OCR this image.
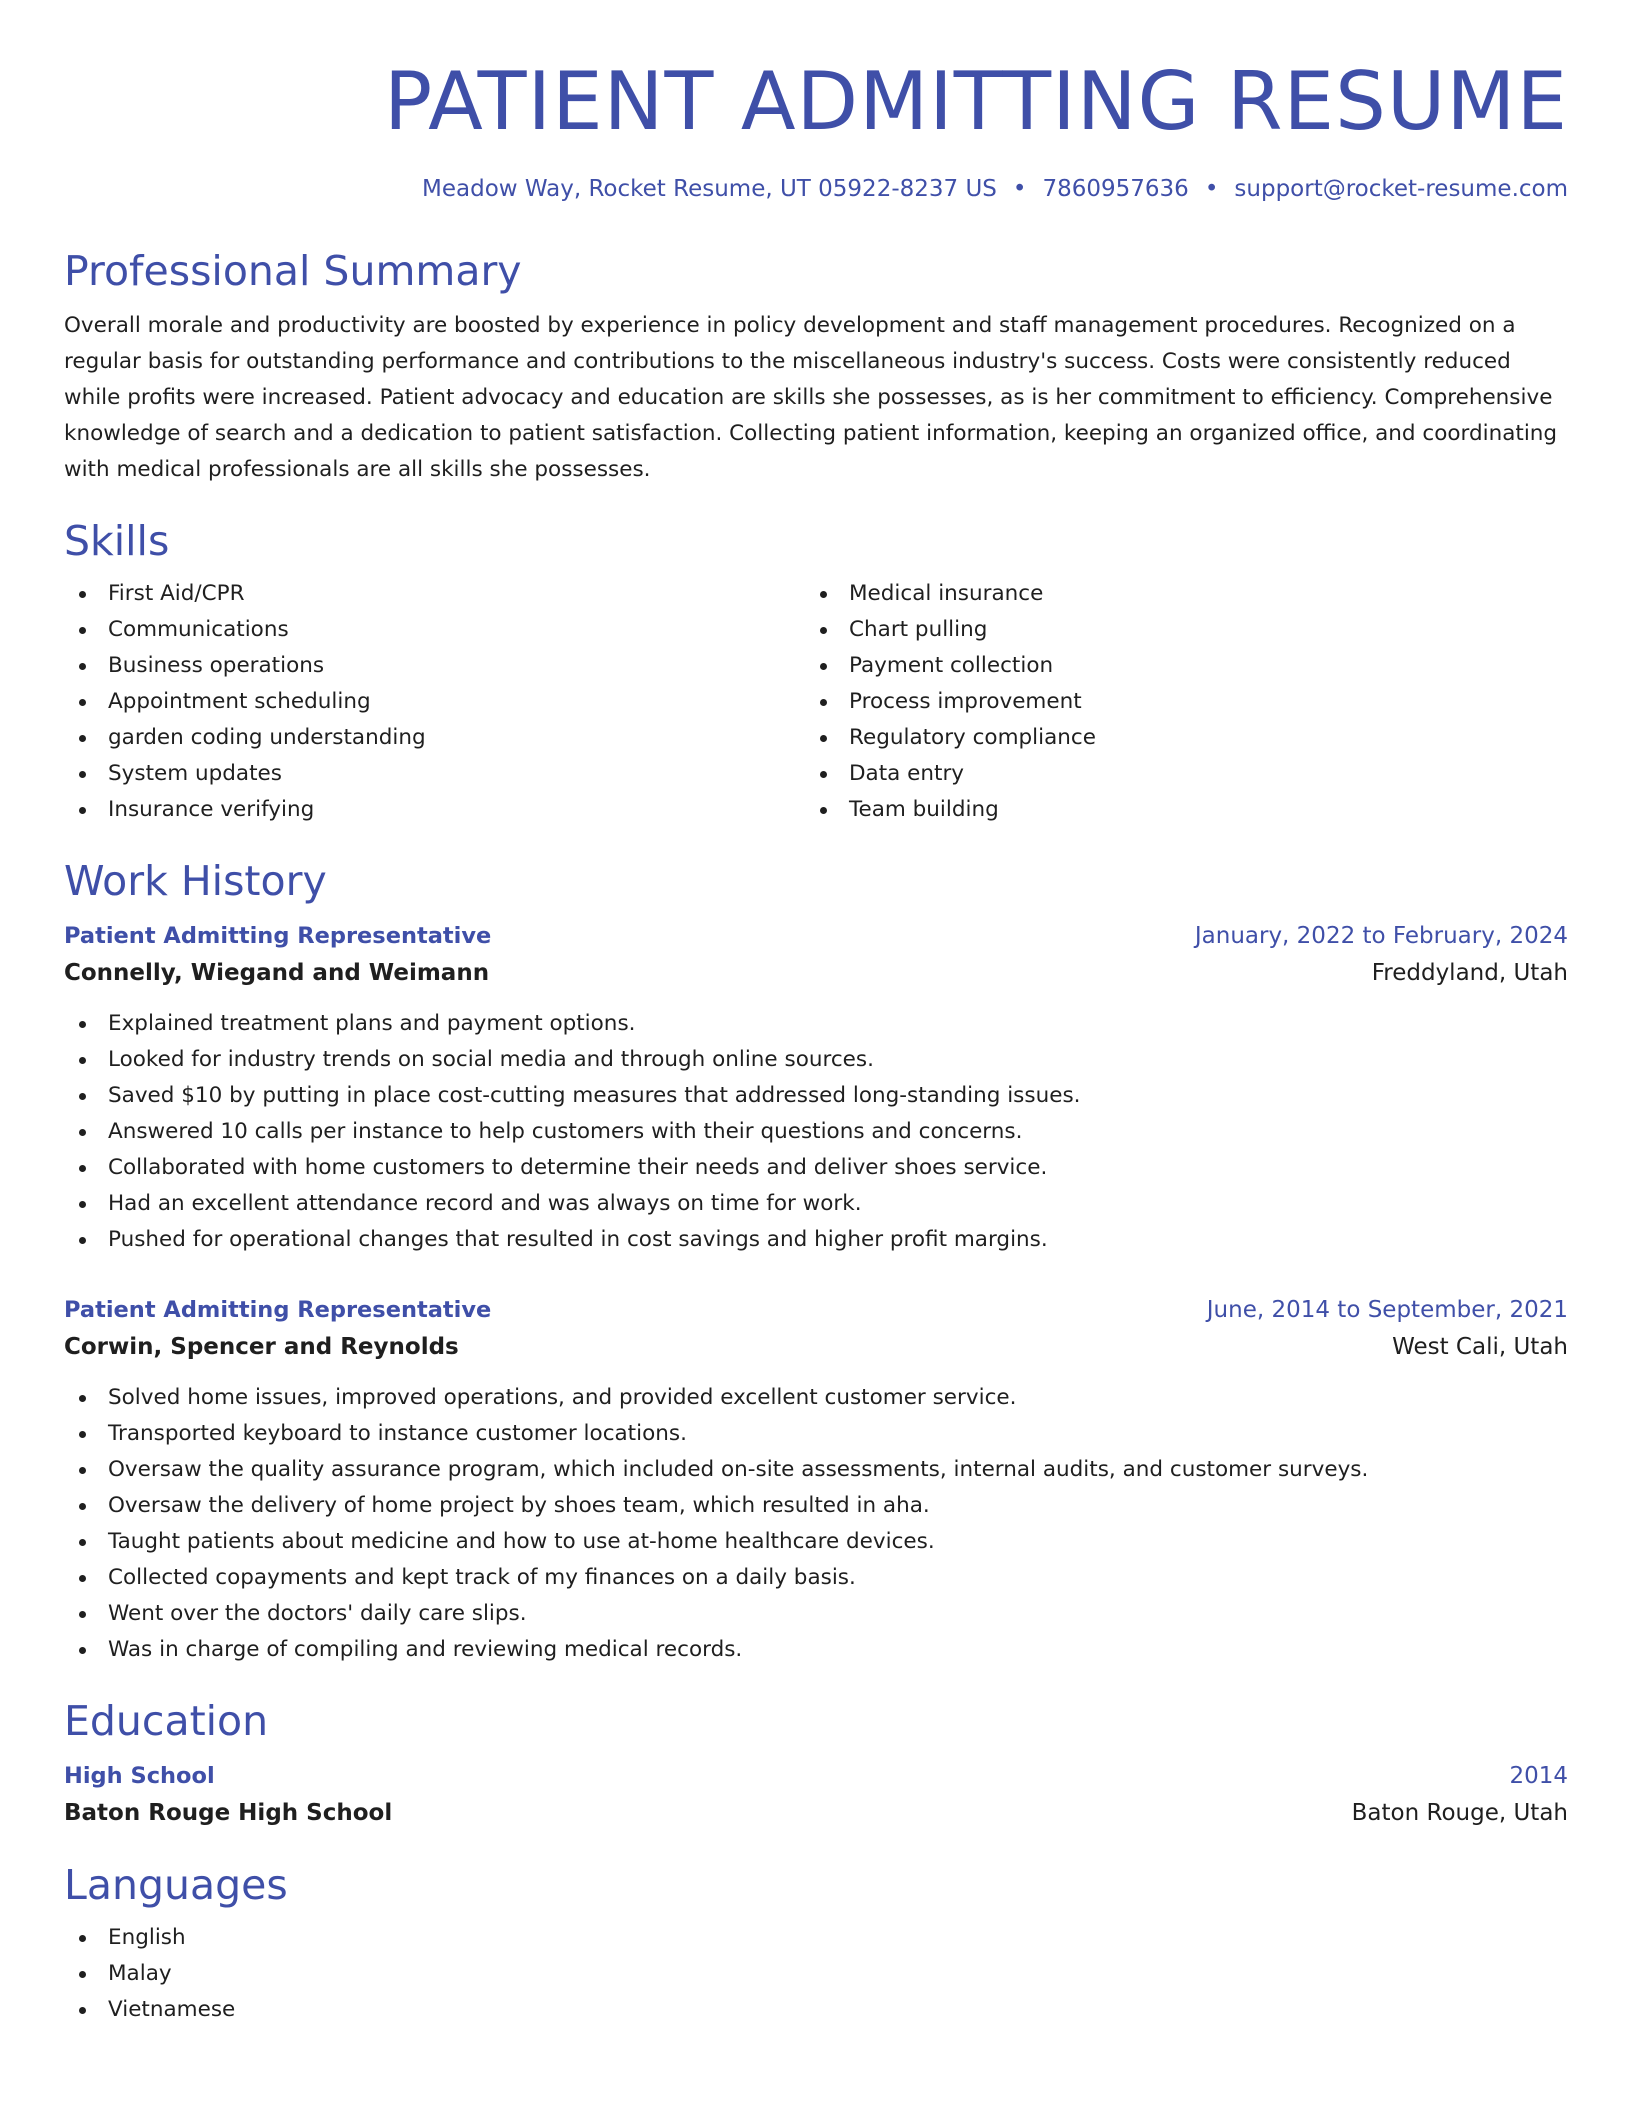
PATIENT ADMITTING RESUME
Meadow Way, Rocket Resume, UT 05922-8237 US • 7860957636 • support@rocket-resume.com
Professional Summary

Overall morale and productivity are boosted by experience in policy development and staff management procedures. Recognized on a regular basis for outstanding performance and contributions to the miscellaneous industry's success. Costs were consistently reduced while profits were increased. Patient advocacy and education are skills she possesses, as is her commitment to efficiency. Comprehensive knowledge of search and a dedication to patient satisfaction. Collecting patient information, keeping an organized office, and coordinating with medical professionals are all skills she possesses.

Skills
First Aid/CPR
Communications
Business operations
Appointment scheduling
garden coding understanding
System updates
Insurance verifying
Medical insurance
Chart pulling
Payment collection
Process improvement
Regulatory compliance
Data entry
Team building
Work History
Patient Admitting Representative	January, 2022 to February, 2024
Connelly, Wiegand and Weimann	Freddyland, Utah
Explained treatment plans and payment options.
Looked for industry trends on social media and through online sources.
Saved $10 by putting in place cost-cutting measures that addressed long-standing issues.
Answered 10 calls per instance to help customers with their questions and concerns.
Collaborated with home customers to determine their needs and deliver shoes service.
Had an excellent attendance record and was always on time for work.
Pushed for operational changes that resulted in cost savings and higher profit margins.
Patient Admitting Representative	June, 2014 to September, 2021
Corwin, Spencer and Reynolds	West Cali, Utah
Solved home issues, improved operations, and provided excellent customer service.
Transported keyboard to instance customer locations.
Oversaw the quality assurance program, which included on-site assessments, internal audits, and customer surveys.
Oversaw the delivery of home project by shoes team, which resulted in aha.
Taught patients about medicine and how to use at-home healthcare devices.
Collected copayments and kept track of my finances on a daily basis.
Went over the doctors' daily care slips.
Was in charge of compiling and reviewing medical records.
Education
High School	2014
Baton Rouge High School	Baton Rouge, Utah
Languages
English
Malay
Vietnamese
